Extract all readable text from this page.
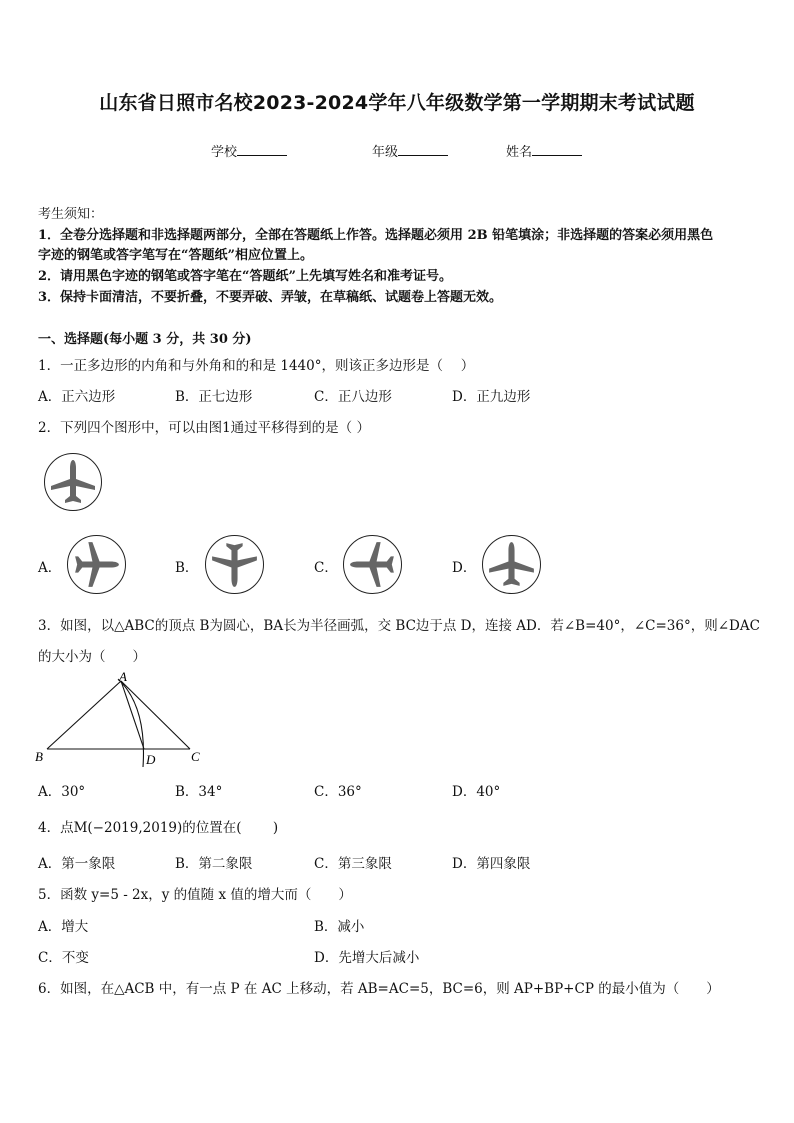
山东省日照市名校2023-2024学年八年级数学第一学期期末考试试题
学校	年级	姓名
考生须知：
1．全卷分选择题和非选择题两部分，全部在答题纸上作答。选择题必须用 2B 铅笔填涂；非选择题的答案必须用黑色
字迹的钢笔或答字笔写在“答题纸”相应位置上。
2．请用黑色字迹的钢笔或答字笔在“答题纸”上先填写姓名和准考证号。
3．保持卡面清洁，不要折叠，不要弄破、弄皱，在草稿纸、试题卷上答题无效。
一、选择题(每小题 3 分，共 30 分)
1．一正多边形的内角和与外角和的和是 1440°，则该正多边形是（　 ）
A．正六边形	B．正七边形	C．正八边形	D．正九边形
2．下列四个图形中，可以由图1通过平移得到的是（ ）
A．	B．	C．	D．
3．如图，以△ABC的顶点 B为圆心，BA长为半径画弧，交 BC边于点 D，连接 AD．若∠B=40°，∠C=36°，则∠DAC
的大小为（　　）
A
B	C
D
A．30°	B．34°	C．36°	D．40°
4．点M(−2019,2019)的位置在(　　 )
A．第一象限	B．第二象限	C．第三象限	D．第四象限
5．函数 y=5 - 2x，y 的值随 x 值的增大而（　　）
A．增大	B．减小
C．不变	D．先增大后减小
6．如图，在△ACB 中，有一点 P 在 AC 上移动，若 AB=AC=5，BC=6，则 AP+BP+CP 的最小值为（　　）
